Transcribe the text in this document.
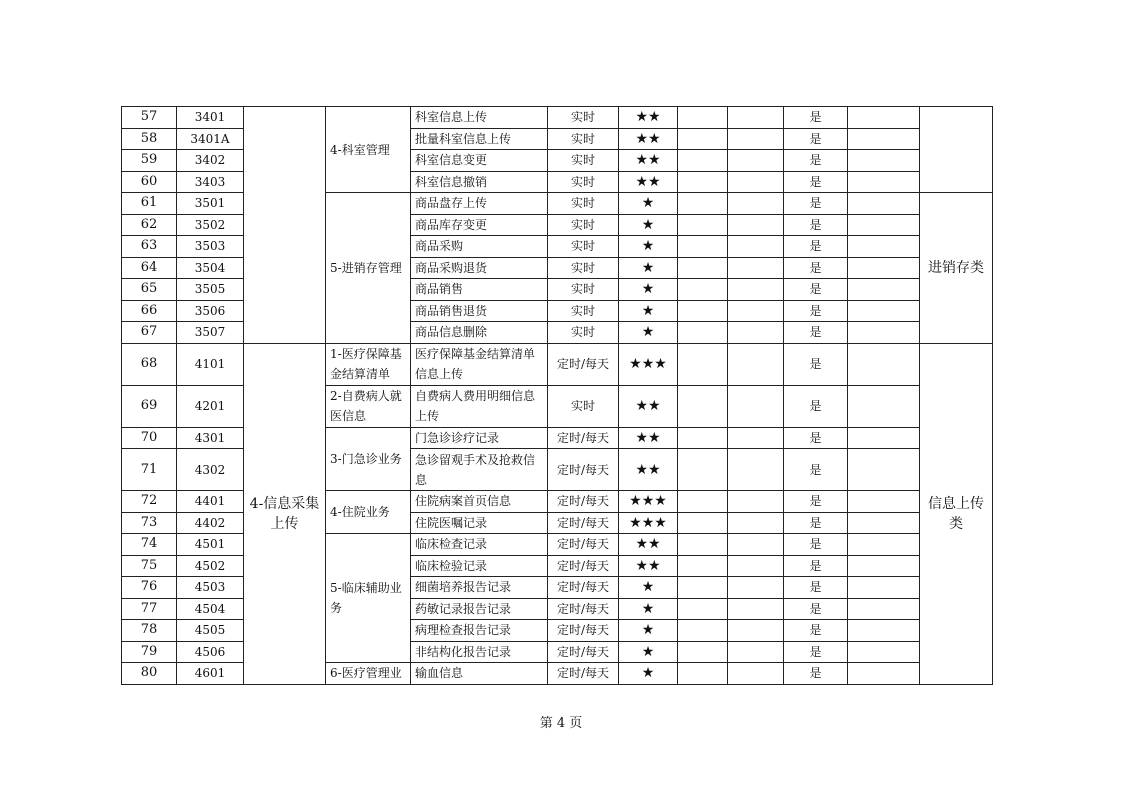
57	3401		4-科室管理	科室信息上传	实时	★★			是		
58	3401A			批量科室信息上传	实时	★★			是		
59	3402			科室信息变更	实时	★★			是		
60	3403			科室信息撤销	实时	★★			是		
61	3501		5-进销存管理	商品盘存上传	实时	★			是		进销存类
62	3502			商品库存变更	实时	★			是		
63	3503			商品采购	实时	★			是		
64	3504			商品采购退货	实时	★			是		
65	3505			商品销售	实时	★			是		
66	3506			商品销售退货	实时	★			是		
67	3507			商品信息删除	实时	★			是		
68	4101	4-信息采集上传	1-医疗保障基金结算清单	医疗保障基金结算清单信息上传	定时/每天	★★★			是		信息上传类
69	4201		2-自费病人就医信息	自费病人费用明细信息上传	实时	★★			是		
70	4301		3-门急诊业务	门急诊诊疗记录	定时/每天	★★			是		
71	4302			急诊留观手术及抢救信息	定时/每天	★★			是		
72	4401		4-住院业务	住院病案首页信息	定时/每天	★★★			是		
73	4402			住院医嘱记录	定时/每天	★★★			是		
74	4501		5-临床辅助业务	临床检查记录	定时/每天	★★			是		
75	4502			临床检验记录	定时/每天	★★			是		
76	4503			细菌培养报告记录	定时/每天	★			是		
77	4504			药敏记录报告记录	定时/每天	★			是		
78	4505			病理检查报告记录	定时/每天	★			是		
79	4506			非结构化报告记录	定时/每天	★			是		
80	4601		6-医疗管理业	输血信息	定时/每天	★			是		
第 4 页
